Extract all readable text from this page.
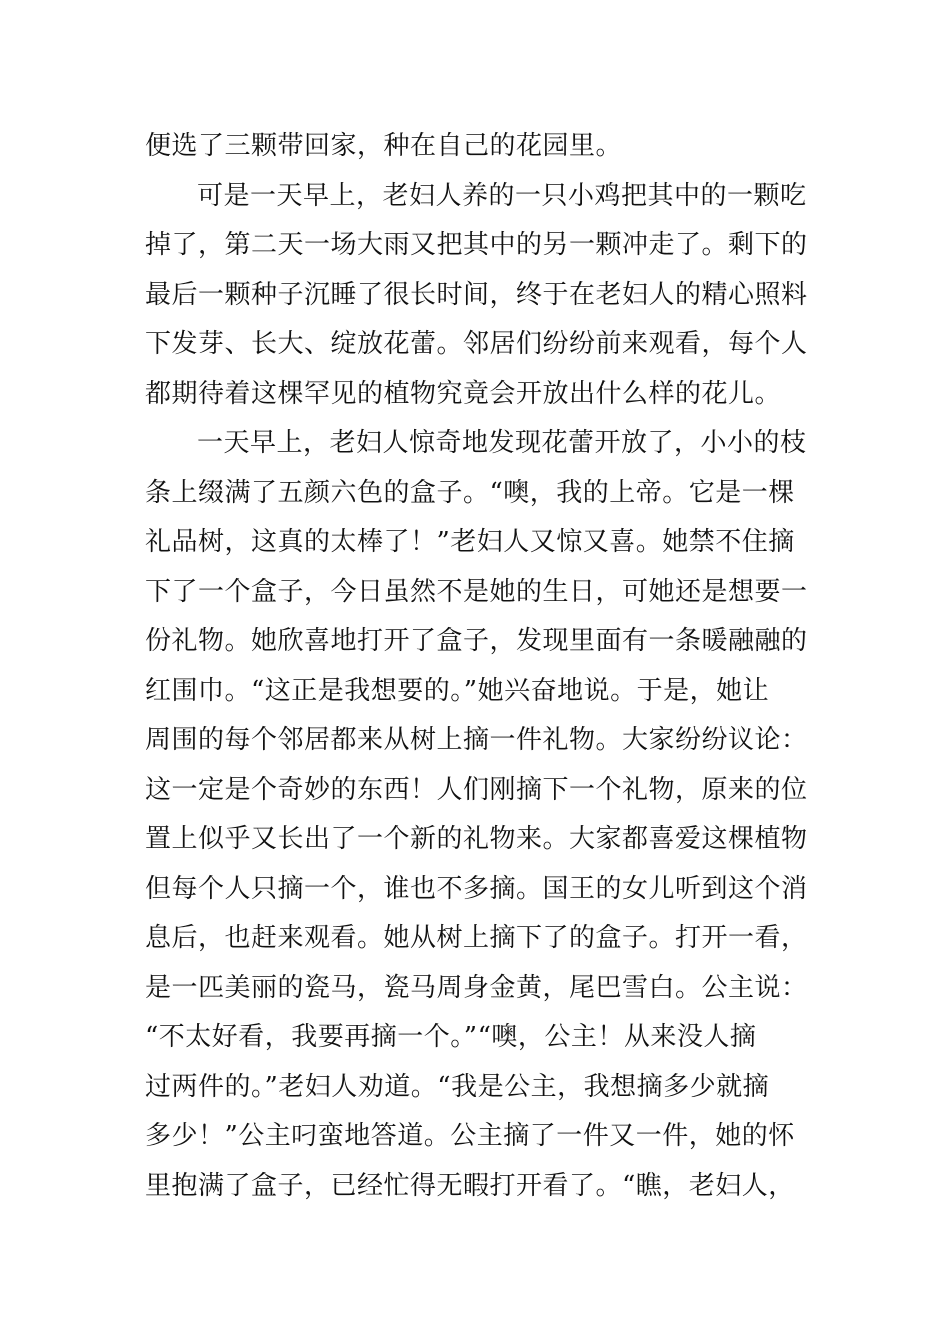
便选了三颗带回家，种在自己的花园里。
可是一天早上，老妇人养的一只小鸡把其中的一颗吃
掉了，第二天一场大雨又把其中的另一颗冲走了。剩下的
最后一颗种子沉睡了很长时间，终于在老妇人的精心照料
下发芽、长大、绽放花蕾。邻居们纷纷前来观看，每个人
都期待着这棵罕见的植物究竟会开放出什么样的花儿。
一天早上，老妇人惊奇地发现花蕾开放了，小小的枝
条上缀满了五颜六色的盒子。“噢，我的上帝。它是一棵
礼品树，这真的太棒了！”老妇人又惊又喜。她禁不住摘
下了一个盒子，今日虽然不是她的生日，可她还是想要一
份礼物。她欣喜地打开了盒子，发现里面有一条暖融融的
红围巾。“这正是我想要的。”她兴奋地说。于是，她让
周围的每个邻居都来从树上摘一件礼物。大家纷纷议论：
这一定是个奇妙的东西！人们刚摘下一个礼物，原来的位
置上似乎又长出了一个新的礼物来。大家都喜爱这棵植物
但每个人只摘一个，谁也不多摘。国王的女儿听到这个消
息后，也赶来观看。她从树上摘下了的盒子。打开一看，
是一匹美丽的瓷马，瓷马周身金黄，尾巴雪白。公主说：
“不太好看，我要再摘一个。”“噢，公主！从来没人摘
过两件的。”老妇人劝道。“我是公主，我想摘多少就摘
多少！”公主叼蛮地答道。公主摘了一件又一件，她的怀
里抱满了盒子，已经忙得无暇打开看了。“瞧，老妇人，
